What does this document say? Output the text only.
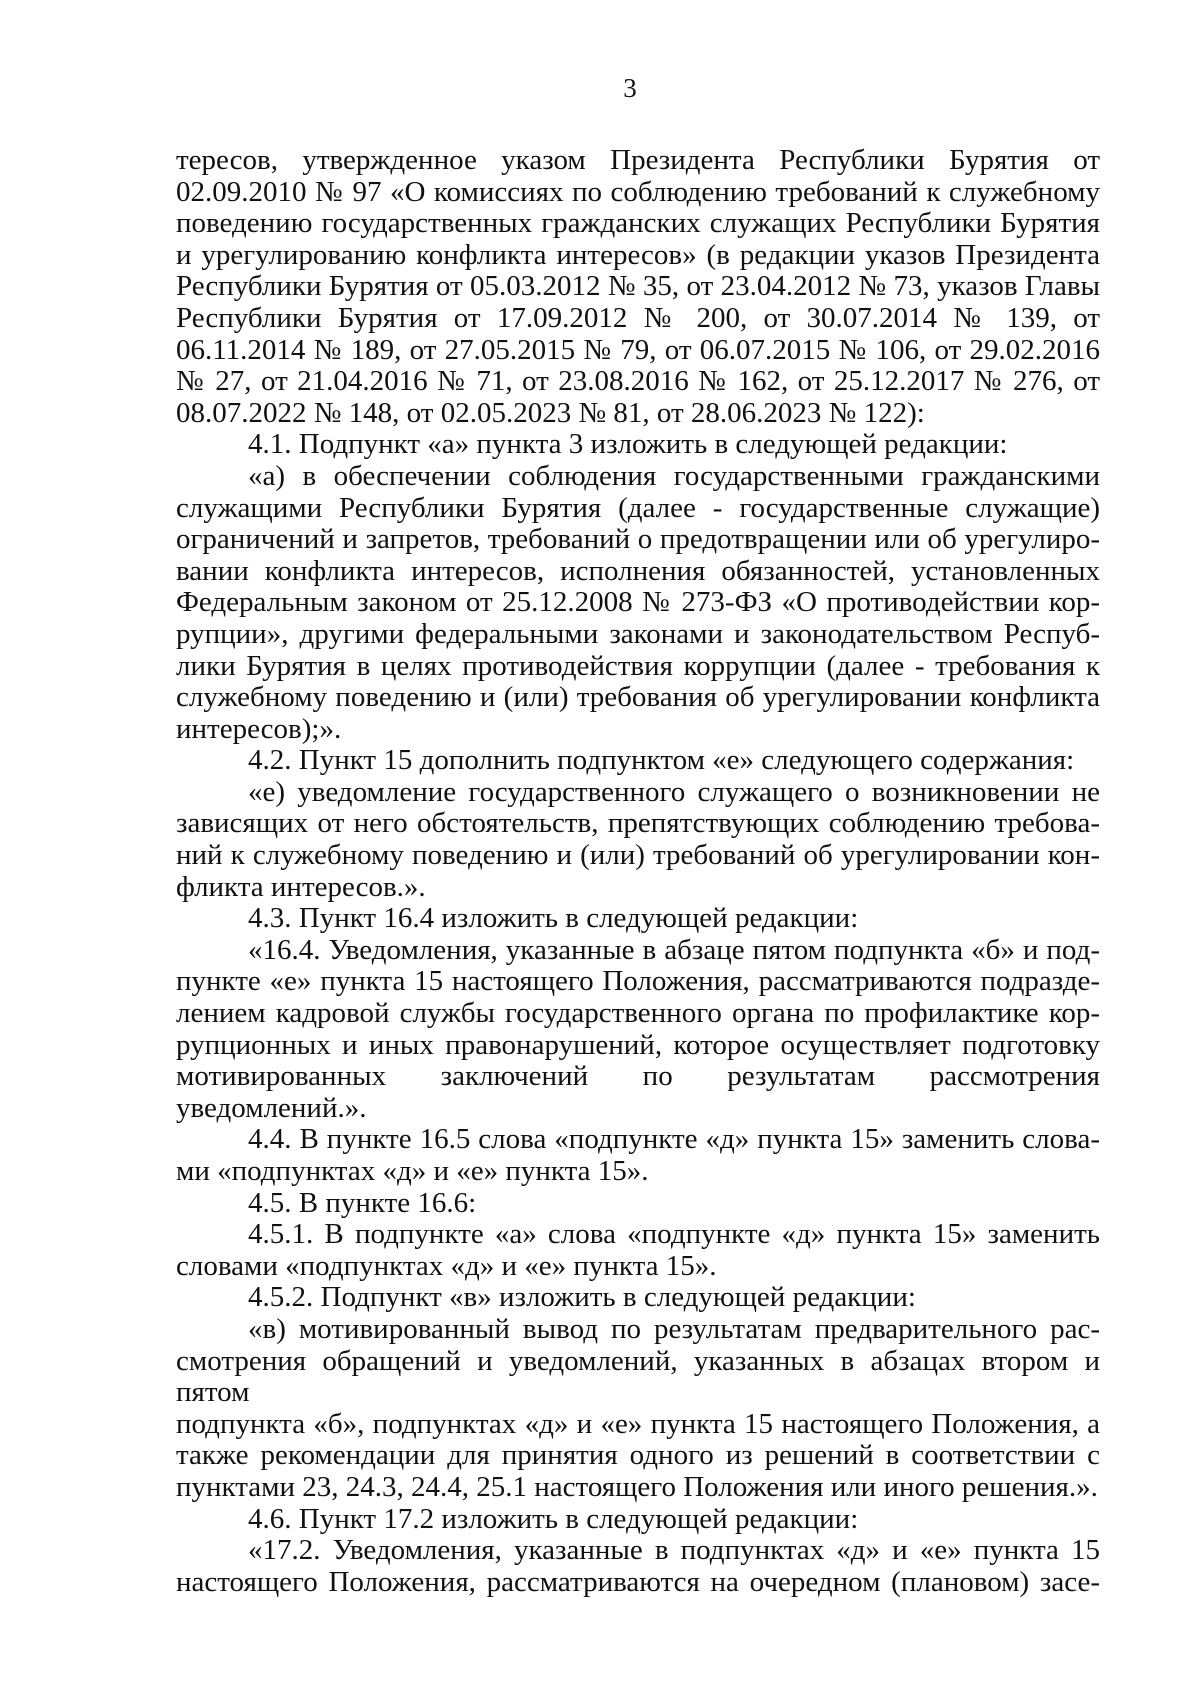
3

тересов, утвержденное указом Президента Республики Бурятия от

02.09.2010 № 97 «О комиссиях по соблюдению требований к служебному

поведению государственных гражданских служащих Республики Бурятия

и урегулированию конфликта интересов» (в редакции указов Президента

Республики Бурятия от 05.03.2012 № 35, от 23.04.2012 № 73, указов Главы

Республики Бурятия от 17.09.2012 № 200, от 30.07.2014 № 139, от

06.11.2014 № 189, от 27.05.2015 № 79, от 06.07.2015 № 106, от 29.02.2016

№ 27, от 21.04.2016 № 71, от 23.08.2016 № 162, от 25.12.2017 № 276, от

08.07.2022 № 148, от 02.05.2023 № 81, от 28.06.2023 № 122):

4.1. Подпункт «а» пункта 3 изложить в следующей редакции:

«а) в обеспечении соблюдения государственными гражданскими

служащими Республики Бурятия (далее - государственные служащие)

ограничений и запретов, требований о предотвращении или об урегулиро-

вании конфликта интересов, исполнения обязанностей, установленных

Федеральным законом от 25.12.2008 № 273-ФЗ «О противодействии кор-

рупции», другими федеральными законами и законодательством Респуб-

лики Бурятия в целях противодействия коррупции (далее - требования к

служебному поведению и (или) требования об урегулировании конфликта

интересов);».

4.2. Пункт 15 дополнить подпунктом «е» следующего содержания:

«е) уведомление государственного служащего о возникновении не

зависящих от него обстоятельств, препятствующих соблюдению требова-

ний к служебному поведению и (или) требований об урегулировании кон-

фликта интересов.».

4.3. Пункт 16.4 изложить в следующей редакции:

«16.4. Уведомления, указанные в абзаце пятом подпункта «б» и под-

пункте «е» пункта 15 настоящего Положения, рассматриваются подразде-

лением кадровой службы государственного органа по профилактике кор-

рупционных и иных правонарушений, которое осуществляет подготовку

мотивированных заключений по результатам рассмотрения уведомлений.».

4.4. В пункте 16.5 слова «подпункте «д» пункта 15» заменить слова-

ми «подпунктах «д» и «е» пункта 15».

4.5. В пункте 16.6:

4.5.1. В подпункте «а» слова «подпункте «д» пункта 15» заменить

словами «подпунктах «д» и «е» пункта 15».

4.5.2. Подпункт «в» изложить в следующей редакции:

«в) мотивированный вывод по результатам предварительного рас-

смотрения обращений и уведомлений, указанных в абзацах втором и пятом

подпункта «б», подпунктах «д» и «е» пункта 15 настоящего Положения, а

также рекомендации для принятия одного из решений в соответствии с

пунктами 23, 24.3, 24.4, 25.1 настоящего Положения или иного решения.».

4.6. Пункт 17.2 изложить в следующей редакции:

«17.2. Уведомления, указанные в подпунктах «д» и «е» пункта 15

настоящего Положения, рассматриваются на очередном (плановом) засе-
